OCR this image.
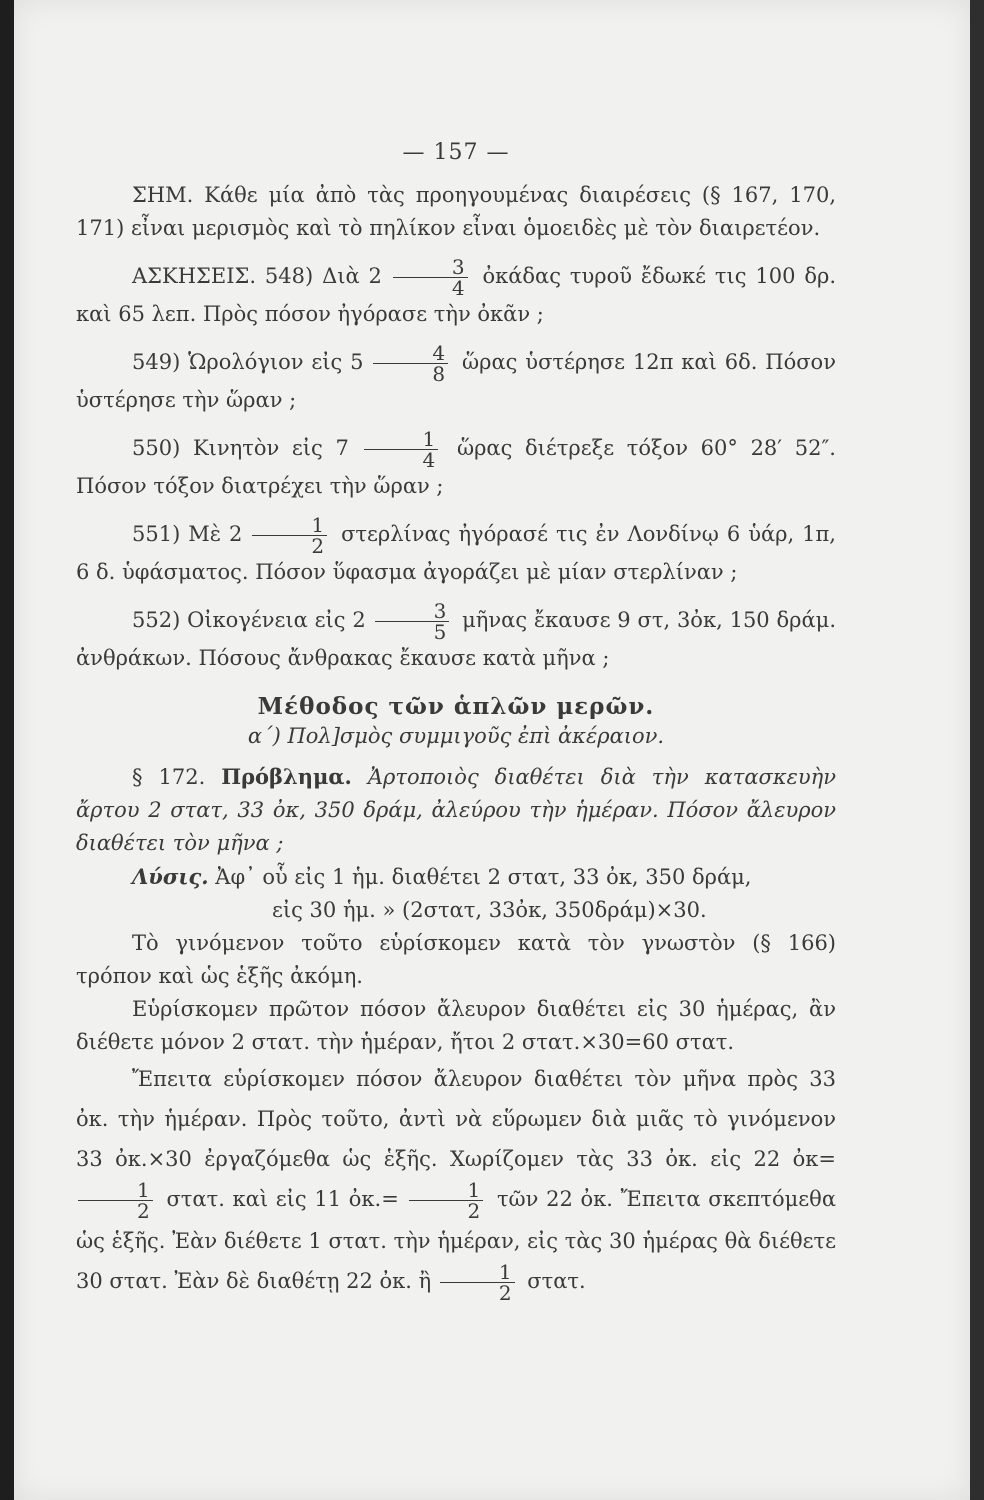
— 157 —

ΣΗΜ. Κάθε μία ἀπὸ τὰς προηγουμένας διαιρέσεις (§ 167, 170, 171) εἶναι μερισμὸς καὶ τὸ πηλίκον εἶναι ὁμοειδὲς μὲ τὸν διαιρετέον.

ΑΣΚΗΣΕΙΣ. 548) Διὰ $2 \frac{3}{4}$ ὀκάδας τυροῦ ἔδωκέ τις 100 δρ. καὶ 65 λεπ. Πρὸς πόσον ἠγόρασε τὴν ὀκᾶν ;

549) Ὡρολόγιον εἰς $5 \frac{4}{8}$ ὥρας ὑστέρησε 12π καὶ 6δ. Πόσον ὑστέρησε τὴν ὥραν ;

550) Κινητὸν εἰς $7 \frac{1}{4}$ ὥρας διέτρεξε τόξον 60° 28′ 52″. Πόσον τόξον διατρέχει τὴν ὥραν ;

551) Μὲ $2 \frac{1}{2}$ στερλίνας ἠγόρασέ τις ἐν Λονδίνῳ 6 ὑάρ, 1π, 6 δ. ὑφάσματος. Πόσον ὕφασμα ἀγοράζει μὲ μίαν στερλίναν ;

552) Οἰκογένεια εἰς $2 \frac{3}{5}$ μῆνας ἔκαυσε 9 στ, 3ὀκ, 150 δράμ. ἀνθράκων. Πόσους ἄνθρακας ἔκαυσε κατὰ μῆνα ;

Μέθοδος τῶν ἁπλῶν μερῶν.
α΄) Πολ]σμὸς συμμιγοῦς ἐπὶ ἀκέραιον.

§ 172. Πρόβλημα. Ἀρτοποιὸς διαθέτει διὰ τὴν κατασκευὴν ἄρτου 2 στατ, 33 ὀκ, 350 δράμ, ἀλεύρου τὴν ἡμέραν. Πόσον ἄλευρον διαθέτει τὸν μῆνα ;

Λύσις. Ἀφ᾽ οὗ εἰς 1 ἡμ. διαθέτει 2 στατ, 33 ὀκ, 350 δράμ,

εἰς 30 ἡμ. » (2στατ, 33ὀκ, 350δράμ)×30.

Τὸ γινόμενον τοῦτο εὑρίσκομεν κατὰ τὸν γνωστὸν (§ 166) τρόπον καὶ ὡς ἑξῆς ἀκόμη.

Εὑρίσκομεν πρῶτον πόσον ἄλευρον διαθέτει εἰς 30 ἡμέρας, ἂν διέθετε μόνον 2 στατ. τὴν ἡμέραν, ἤτοι 2 στατ.×30=60 στατ.

Ἔπειτα εὑρίσκομεν πόσον ἄλευρον διαθέτει τὸν μῆνα πρὸς 33 ὀκ. τὴν ἡμέραν. Πρὸς τοῦτο, ἀντὶ νὰ εὕρωμεν διὰ μιᾶς τὸ γινόμενον 33 ὀκ.×30 ἐργαζόμεθα ὡς ἑξῆς. Χωρίζομεν τὰς 33 ὀκ. εἰς 22 ὀκ=
$\frac{1}{2} \sigma\tau\alpha\tau$. καὶ εἰς 11 ὀκ.= $\frac{1}{2}$ τῶν 22 ὀκ. Ἔπειτα σκεπτόμεθα ὡς ἑξῆς. Ἐὰν διέθετε 1 στατ. τὴν ἡμέραν, εἰς τὰς 30 ἡμέρας θὰ διέθετε 30 στατ. Ἐὰν δὲ διαθέτῃ 22 ὀκ. ἢ $\frac{1}{2} \sigma\tau\alpha\tau$.
